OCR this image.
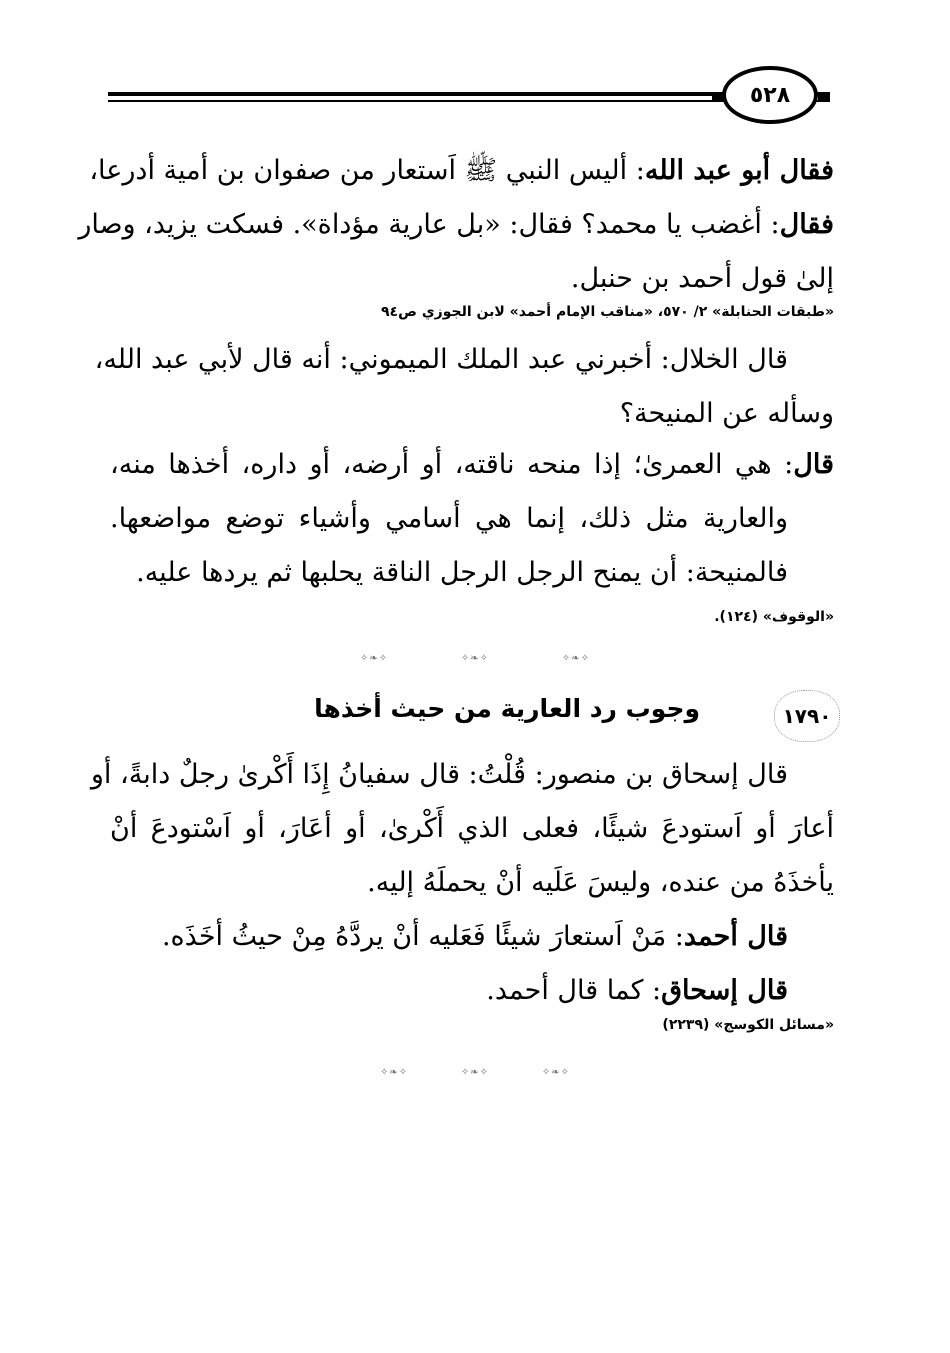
٥٢٨
فقال أبو عبد الله: أليس النبي ﷺ اَستعار من صفوان بن أمية أدرعا،
فقال: أغضب يا محمد؟ فقال: «بل عارية مؤداة». فسكت يزيد، وصار
إلىٰ قول أحمد بن حنبل.
«طبقات الحنابلة» ٢/ ٥٧٠، «مناقب الإمام أحمد» لابن الجوزي ص٩٤
قال الخلال: أخبرني عبد الملك الميموني: أنه قال لأبي عبد الله،
وسأله عن المنيحة؟
قال: هي العمرىٰ؛ إذا منحه ناقته، أو أرضه، أو داره، أخذها منه،
والعارية مثل ذلك، إنما هي أسامي وأشياء توضع مواضعها.
فالمنيحة: أن يمنح الرجل الرجل الناقة يحلبها ثم يردها عليه.
«الوقوف» (١٢٤).
✧❧✧	✧❧✧	✧❧✧
١٧٩٠
وجوب رد العارية من حيث أخذها
قال إسحاق بن منصور: قُلْتُ: قال سفيانُ إِذَا أَكْرىٰ رجلٌ دابةً، أو
أعارَ أو اَستودعَ شيئًا، فعلى الذي أَكْرىٰ، أو أعَارَ، أو اَسْتودعَ أنْ
يأخذَهُ من عنده، وليسَ عَلَيه أنْ يحملَهُ إليه.
قال أحمد: مَنْ اَستعارَ شيئًا فَعَليه أنْ يردَّهُ مِنْ حيثُ أخَذَه.
قال إسحاق: كما قال أحمد.
«مسائل الكوسج» (٢٢٣٩)
✧❧✧	✧❧✧	✧❧✧
